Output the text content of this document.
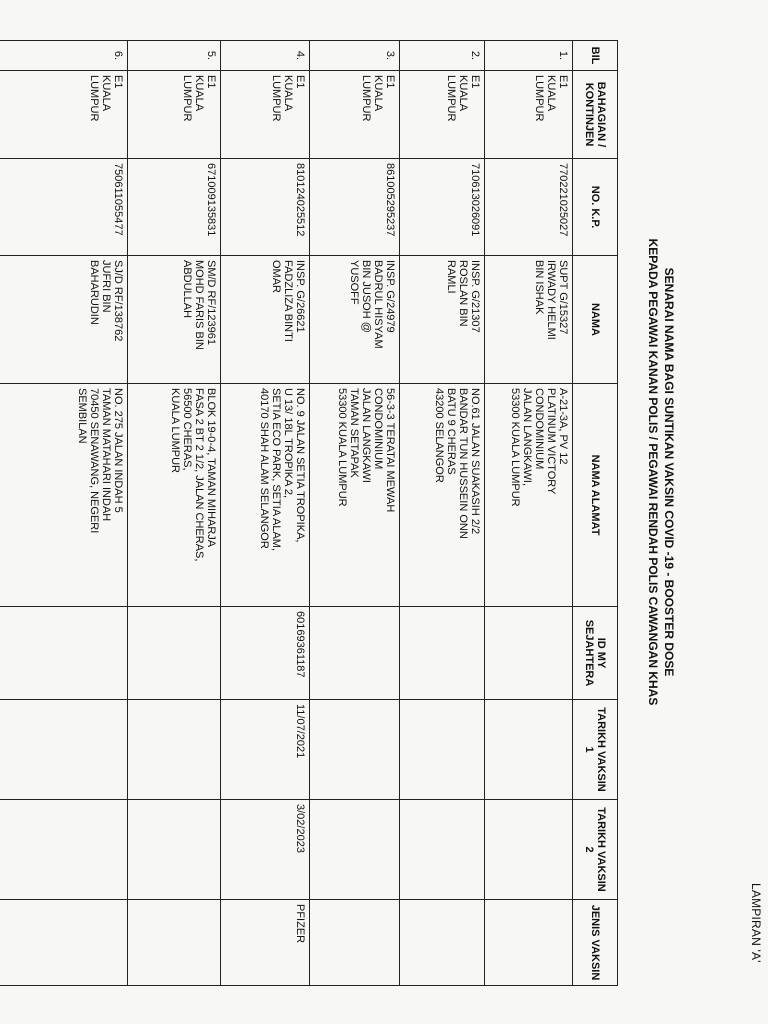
LAMPIRAN 'A'
SENARAI NAMA BAGI SUNTIKAN VAKSIN COVID -19 - BOOSTER DOSE
KEPADA PEGAWAI KANAN POLIS / PEGAWAI RENDAH POLIS CAWANGAN KHAS
BIL	BAHAGIAN / KONTINJEN	NO. K.P.	NAMA	NAMA ALAMAT	ID MY SEJAHTERA	TARIKH VAKSIN 1	TARIKH VAKSIN 2	JENIS VAKSIN
1.	E1
KUALA
LUMPUR	770221025027	SUPT G/15327
IRWADY HELMI
BIN ISHAK	A-21-3A, PV 12
PLATINUM VICTORY
CONDOMINIUM
JALAN LANGKAWI,
53300 KUALA LUMPUR				
2.	E1
KUALA
LUMPUR	710613026091	INSP. G/21307
ROSLAN BIN
RAMLI	NO.61 JALAN SUAKASIH 2/2
BANDAR TUN HUSSEIN ONN
BATU 9 CHERAS
43200 SELANGOR				
3.	E1
KUALA
LUMPUR	861005295237	INSP. G/24979
BADRUL HISYAM
BIN JUSOH @
YUSOFF	56-3-3 TERATAI MEWAH
CONDOMINIUM
JALAN LANGKAWI
TAMAN SETAPAK
53300 KUALA LUMPUR				
4.	E1
KUALA
LUMPUR	810124025512	INSP. G/26621
FADZLIZA BINTI
OMAR	NO. 9 JALAN SETIA TROPIKA,
U 13/ 18L TROPIKA 2,
SETIA ECO PARK, SETIA ALAM,
40170 SHAH ALAM SELANGOR	60169361187	11/07/2021	3/02/2023	PFIZER
5.	E1
KUALA
LUMPUR	671009135831	SM/D RF/123961
MOHD FARIS BIN
ABDULLAH	BLOK 19-0-4, TAMAN MIHARJA
FASA 2 BT 2 1/2, JALAN CHERAS,
56500 CHERAS,
KUALA LUMPUR				
6.	E1
KUALA
LUMPUR	750611055477	SJ/D RF/138762
JUFRI BIN
BAHARUDIN	NO. 275 JALAN INDAH 5
TAMAN MATAHARI INDAH
70450 SENAWANG, NEGERI
SEMBILAN				
